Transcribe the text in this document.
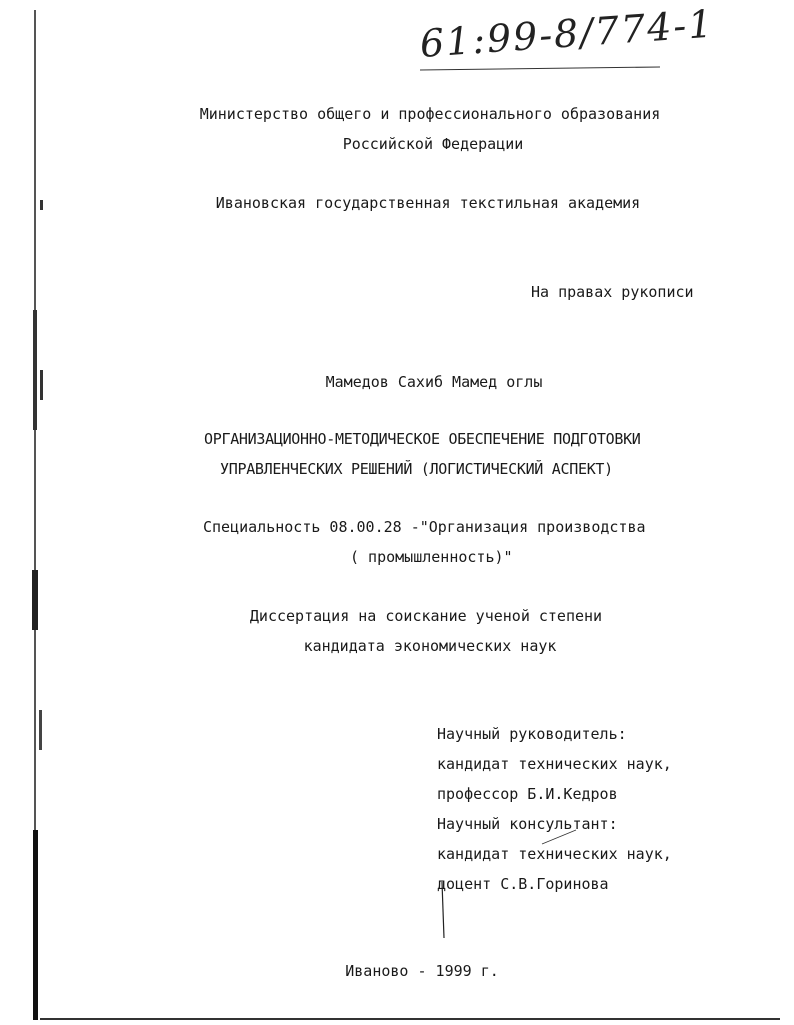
61:99-8/774-1
Министерство общего и профессионального образования
Российской Федерации
Ивановская государственная текстильная академия
На правах рукописи
Мамедов Сахиб Мамед оглы
ОРГАНИЗАЦИОННО-МЕТОДИЧЕСКОЕ ОБЕСПЕЧЕНИЕ ПОДГОТОВКИ
УПРАВЛЕНЧЕСКИХ РЕШЕНИЙ (ЛОГИСТИЧЕСКИЙ АСПЕКТ)
Специальность 08.00.28 -"Организация производства
( промышленность)"
Диссертация на соискание ученой степени
кандидата экономических наук
Научный руководитель:
кандидат технических наук,
профессор Б.И.Кедров
Научный консультант:
кандидат технических наук,
доцент С.В.Горинова
Иваново - 1999 г.
